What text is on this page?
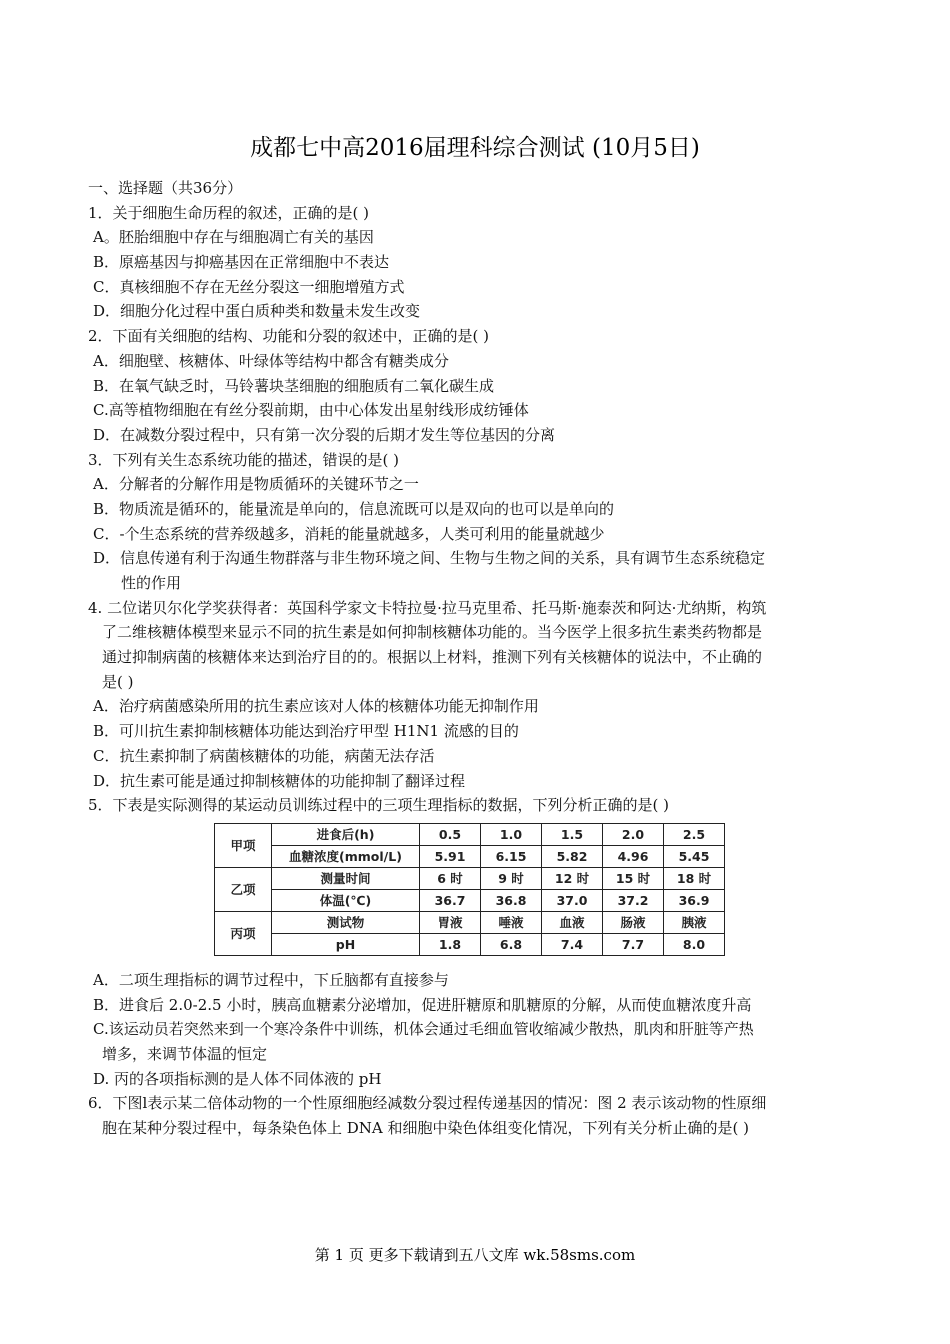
成都七中高2016届理科综合测试 (10月5日)
一、选择题（共36分）
1．关于细胞生命历程的叙述，正确的是( )
A。胚胎细胞中存在与细胞凋亡有关的基因
B．原癌基因与抑癌基因在正常细胞中不表达
C．真核细胞不存在无丝分裂这一细胞增殖方式
D．细胞分化过程中蛋白质种类和数量未发生改变
2．下面有关细胞的结构、功能和分裂的叙述中，正确的是( )
A．细胞壁、核糖体、叶绿体等结构中都含有糖类成分
B．在氧气缺乏时，马铃薯块茎细胞的细胞质有二氧化碳生成
C.高等植物细胞在有丝分裂前期，由中心体发出星射线形成纺锤体
D．在减数分裂过程中，只有第一次分裂的后期才发生等位基因的分离
3．下列有关生态系统功能的描述，错误的是( )
A．分解者的分解作用是物质循环的关键环节之一
B．物质流是循环的，能量流是单向的，信息流既可以是双向的也可以是单向的
C．-个生态系统的营养级越多，消耗的能量就越多，人类可利用的能量就越少
D．信息传递有利于沟通生物群落与非生物环境之间、生物与生物之间的关系，具有调节生态系统稳定
性的作用
4. 二位诺贝尔化学奖获得者：英国科学家文卡特拉曼·拉马克里希、托马斯·施泰茨和阿达·尤纳斯，构筑
了二维核糖体模型来显示不同的抗生素是如何抑制核糖体功能的。当今医学上很多抗生素类药物都是
通过抑制病菌的核糖体来达到治疗目的的。根据以上材料，推测下列有关核糖体的说法中，不止确的
是( )
A．治疗病菌感染所用的抗生素应该对人体的核糖体功能无抑制作用
B．可川抗生素抑制核糖体功能达到治疗甲型 H1N1 流感的目的
C．抗生素抑制了病菌核糖体的功能，病菌无法存活
D．抗生素可能是通过抑制核糖体的功能抑制了翻译过程
5．下表是实际测得的某运动员训练过程中的三项生理指标的数据，下列分析正确的是( )
甲项	进食后(h)	0.5	1.0	1.5	2.0	2.5
	血糖浓度(mmol/L)	5.91	6.15	5.82	4.96	5.45
乙项	测量时间	6 时	9 时	12 时	15 时	18 时
	体温(℃)	36.7	36.8	37.0	37.2	36.9
丙项	测试物	胃液	唾液	血液	肠液	胰液
	pH	1.8	6.8	7.4	7.7	8.0
A．二项生理指标的调节过程中，下丘脑都有直接参与
B．进食后 2.0-2.5 小时，胰高血糖素分泌增加，促进肝糖原和肌糖原的分解，从而使血糖浓度升高
C.该运动员若突然来到一个寒冷条件中训练，机体会通过毛细血管收缩减少散热，肌肉和肝脏等产热
增多，来调节体温的恒定
D. 丙的各项指标测的是人体不同体液的 pH
6．下图l表示某二倍体动物的一个性原细胞经减数分裂过程传递基因的情况：图 2 表示该动物的性原细
胞在某种分裂过程中，每条染色体上 DNA 和细胞中染色体组变化情况，下列有关分析止确的是( )
第 1 页 更多下载请到五八文库 wk.58sms.com
